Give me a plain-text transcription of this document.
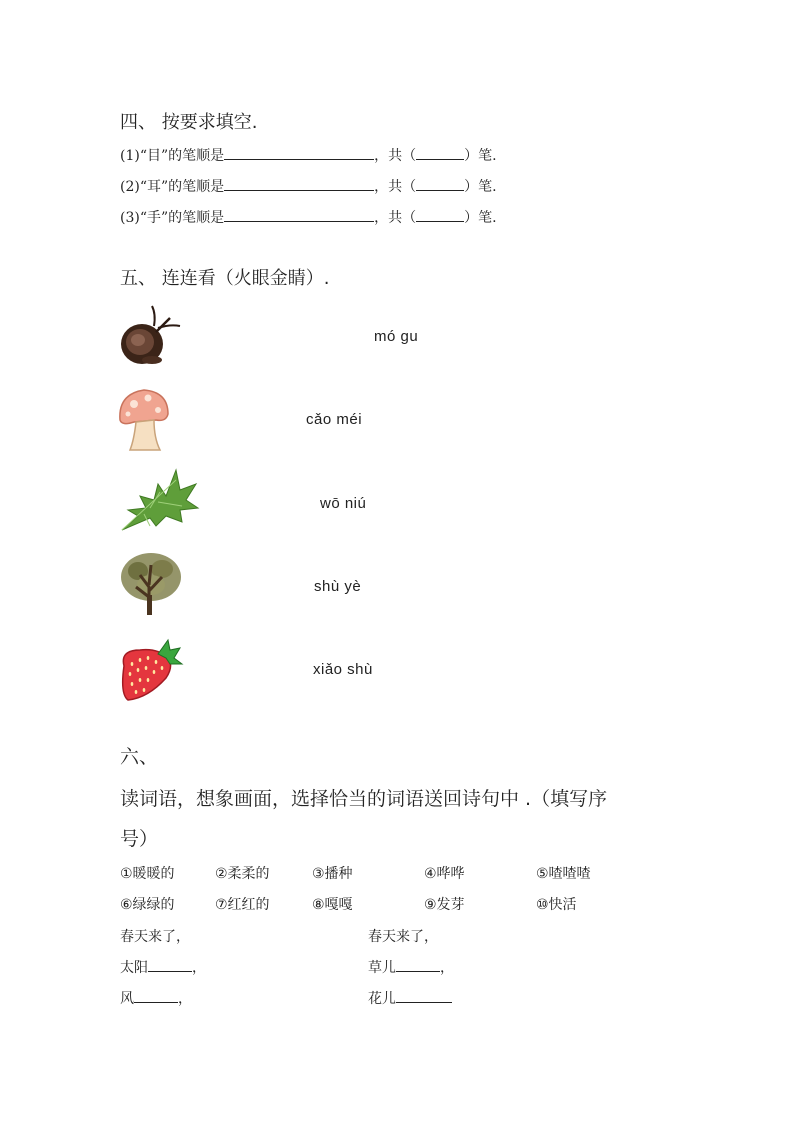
四、 按要求填空.
(1)“目”的笔顺是	，共（	）笔.
(2)“耳”的笔顺是	，共（	）笔.
(3)“手”的笔顺是	，共（	）笔.
五、 连连看（火眼金睛）.
mó gu
cǎo méi
wō niú
shù yè
xiǎo shù
六、
读词语，想象画面，选择恰当的词语送回诗句中 .（填写序
号）
①暖暖的	②柔柔的	③播种	④哗哗	⑤喳喳喳
⑥绿绿的	⑦红红的	⑧嘎嘎	⑨发芽	⑩快活
春天来了，	春天来了，
太阳	，	草儿	，
风	，	花儿
